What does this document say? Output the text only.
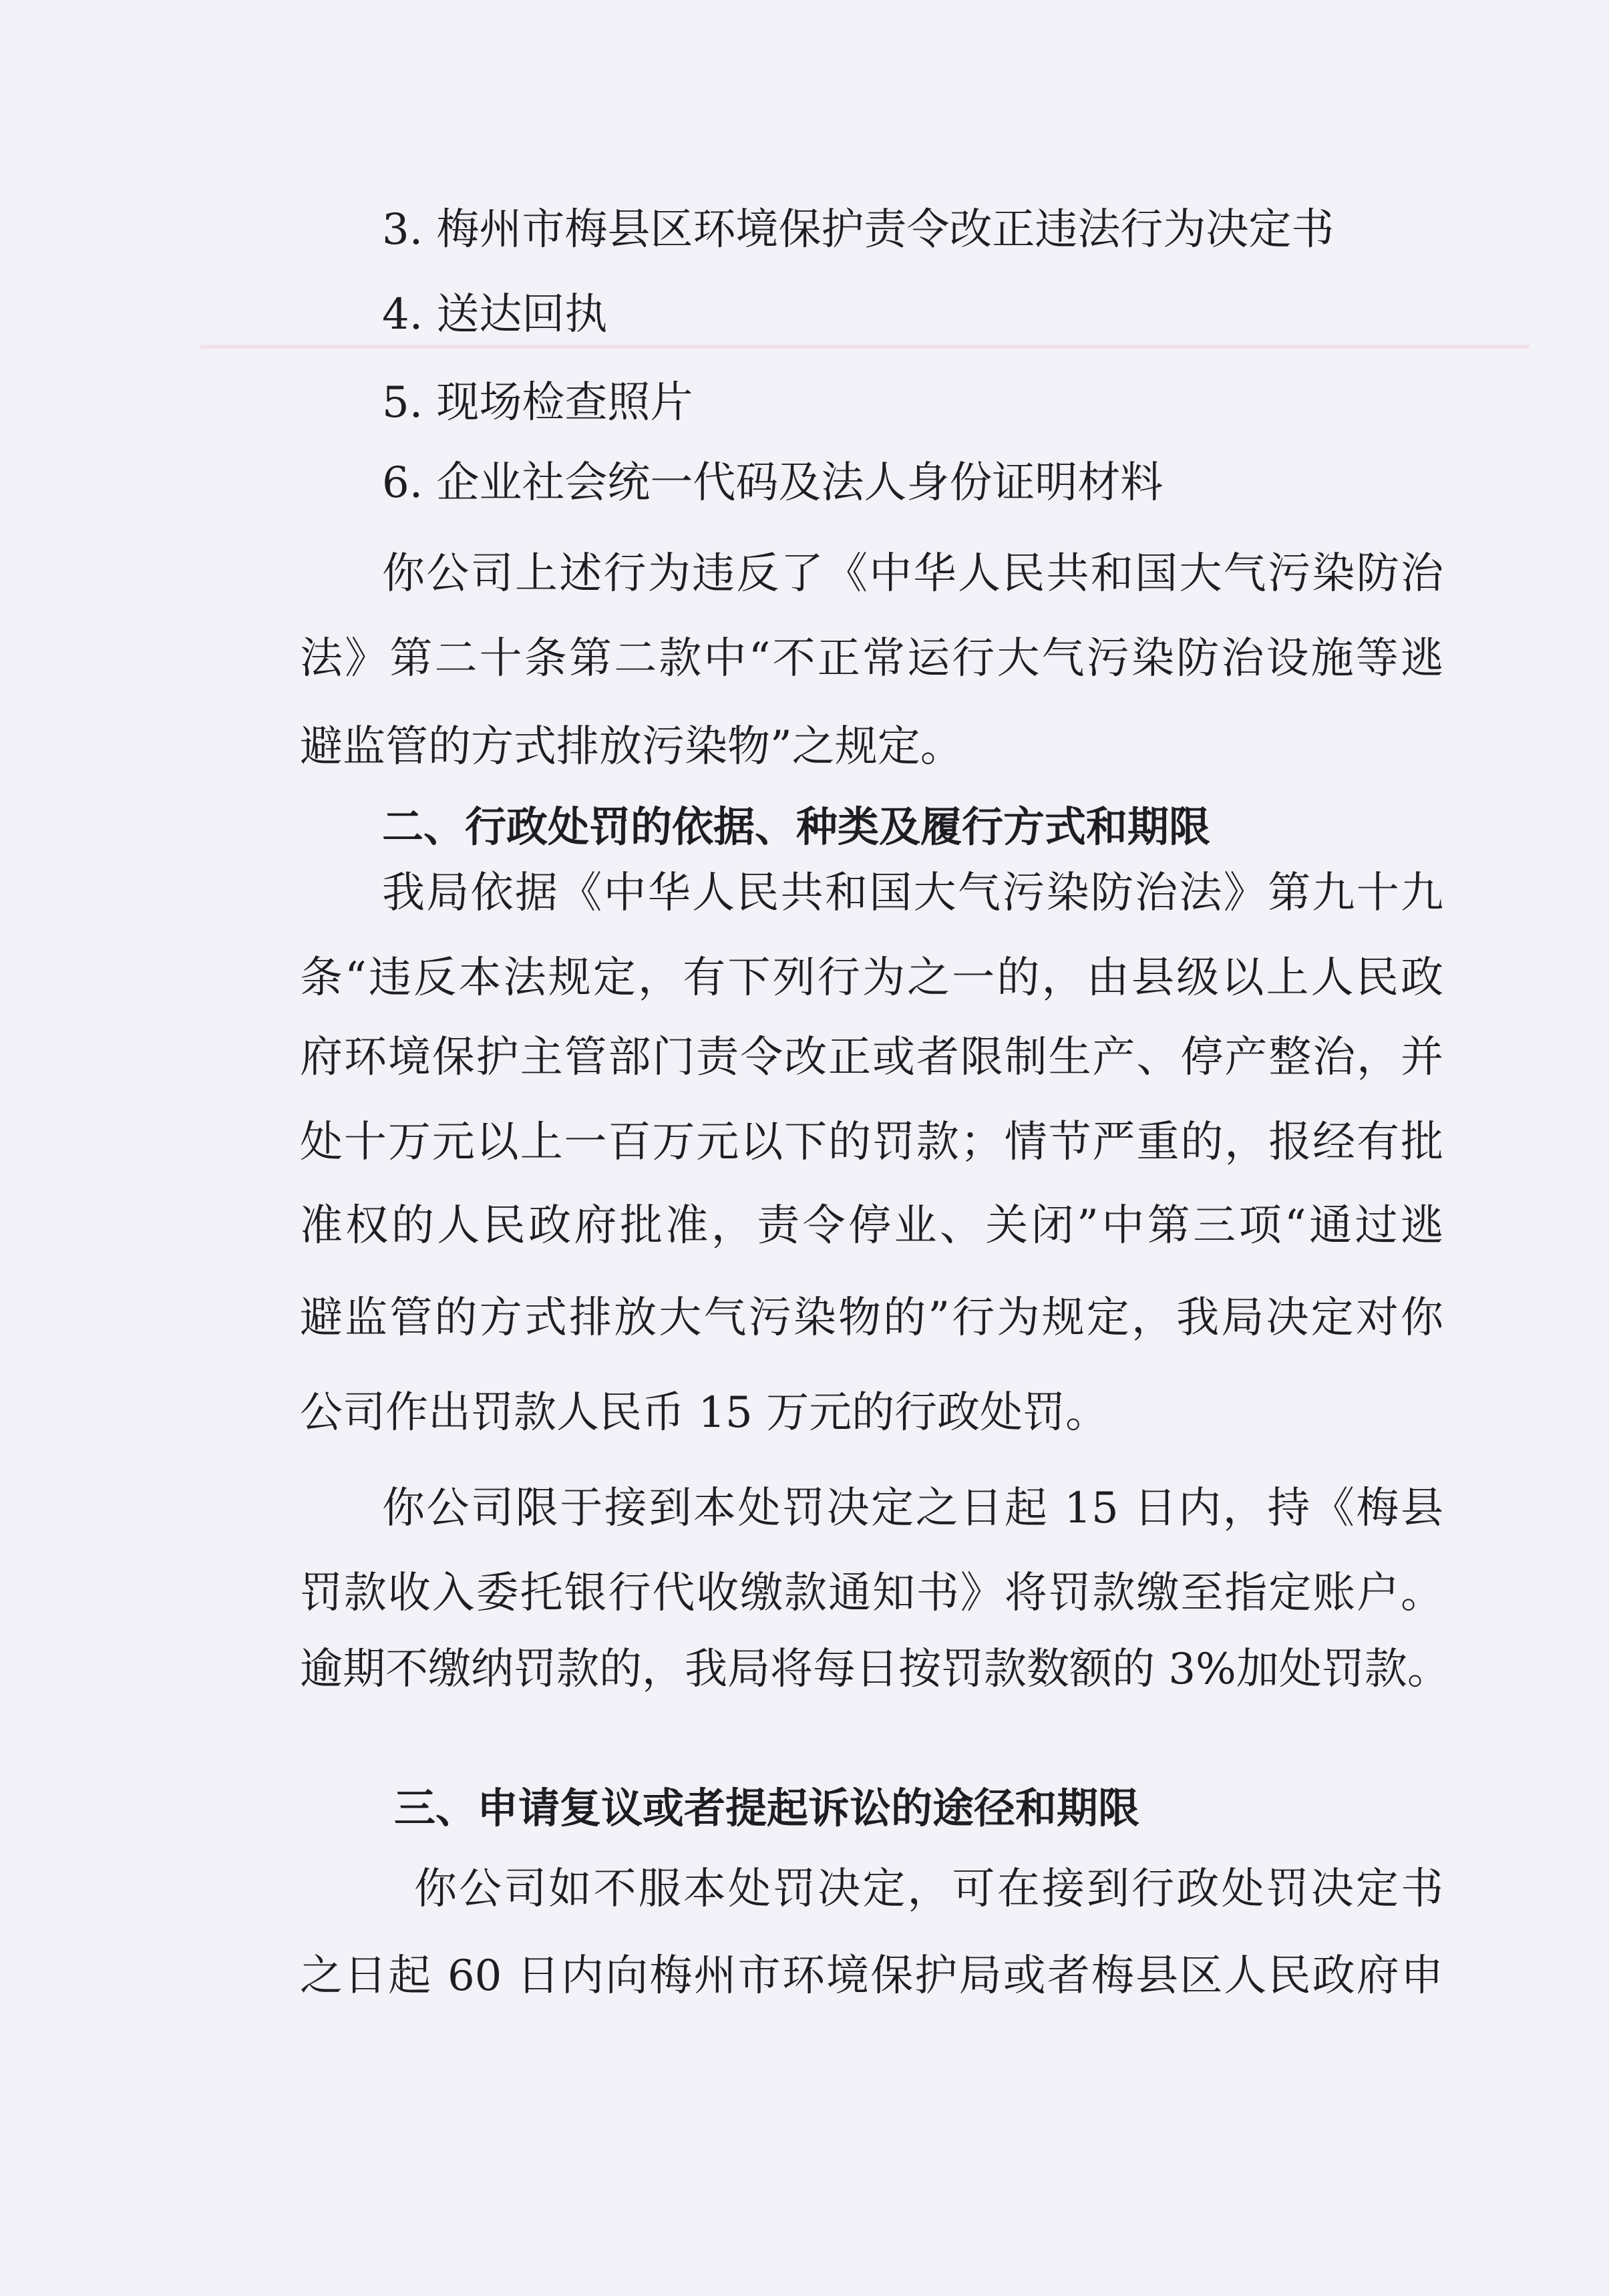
3. 梅州市梅县区环境保护责令改正违法行为决定书
4. 送达回执
5. 现场检查照片
6. 企业社会统一代码及法人身份证明材料
你公司上述行为违反了《中华人民共和国大气污染防治
法》第二十条第二款中“不正常运行大气污染防治设施等逃
避监管的方式排放污染物”之规定。
二、行政处罚的依据、种类及履行方式和期限
我局依据《中华人民共和国大气污染防治法》第九十九
条“违反本法规定，有下列行为之一的，由县级以上人民政
府环境保护主管部门责令改正或者限制生产、停产整治，并
处十万元以上一百万元以下的罚款；情节严重的，报经有批
准权的人民政府批准，责令停业、关闭”中第三项“通过逃
避监管的方式排放大气污染物的”行为规定，我局决定对你
公司作出罚款人民币 15 万元的行政处罚。
你公司限于接到本处罚决定之日起 15 日内，持《梅县
罚款收入委托银行代收缴款通知书》将罚款缴至指定账户。
逾期不缴纳罚款的，我局将每日按罚款数额的 3%加处罚款。
三、申请复议或者提起诉讼的途径和期限
你公司如不服本处罚决定，可在接到行政处罚决定书
之日起 60 日内向梅州市环境保护局或者梅县区人民政府申
